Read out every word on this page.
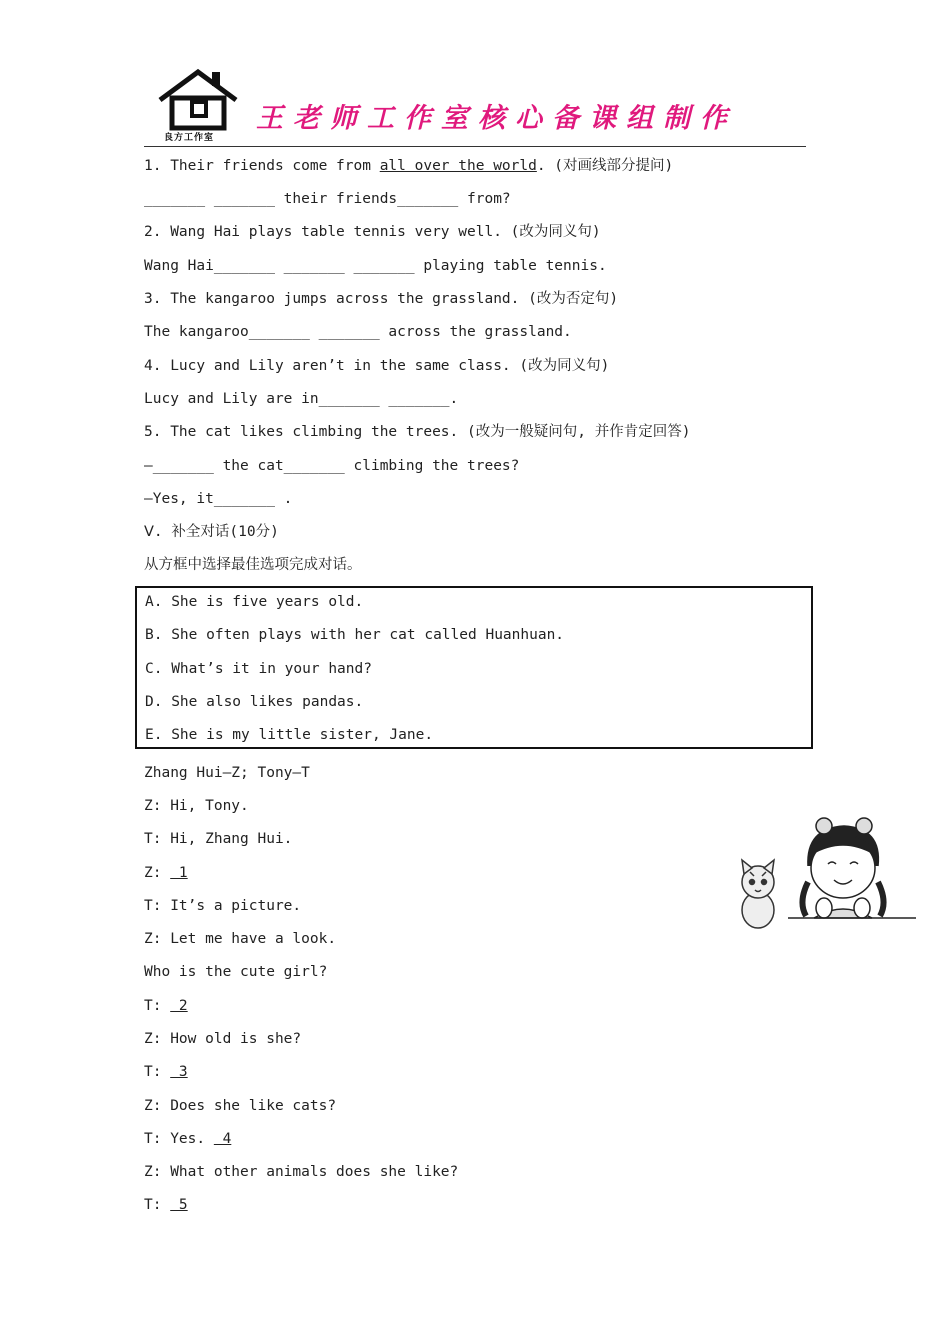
良方工作室
王老师工作室核心备课组制作
1. Their friends come from all over the world. (对画线部分提问)
_______ _______ their friends_______ from?
2. Wang Hai plays table tennis very well. (改为同义句)
Wang Hai_______ _______ _______ playing table tennis.
3. The kangaroo jumps across the grassland. (改为否定句)
The kangaroo_______ _______ across the grassland.
4. Lucy and Lily aren’t in the same class. (改为同义句)
Lucy and Lily are in_______ _______.
5. The cat likes climbing the trees. (改为一般疑问句, 并作肯定回答)
—_______ the cat_______ climbing the trees?
—Yes, it_______ .
Ⅴ. 补全对话(10分)
从方框中选择最佳选项完成对话。
A. She is five years old.
B. She often plays with her cat called Huanhuan.
C. What’s it in your hand?
D. She also likes pandas.
E. She is my little sister, Jane.
Zhang Hui—Z; Tony—T
Z: Hi, Tony.
T: Hi, Zhang Hui.
Z:  1
T: It’s a picture.
Z: Let me have a look.
Who is the cute girl?
T:  2
Z: How old is she?
T:  3
Z: Does she like cats?
T: Yes.  4
Z: What other animals does she like?
T:  5
